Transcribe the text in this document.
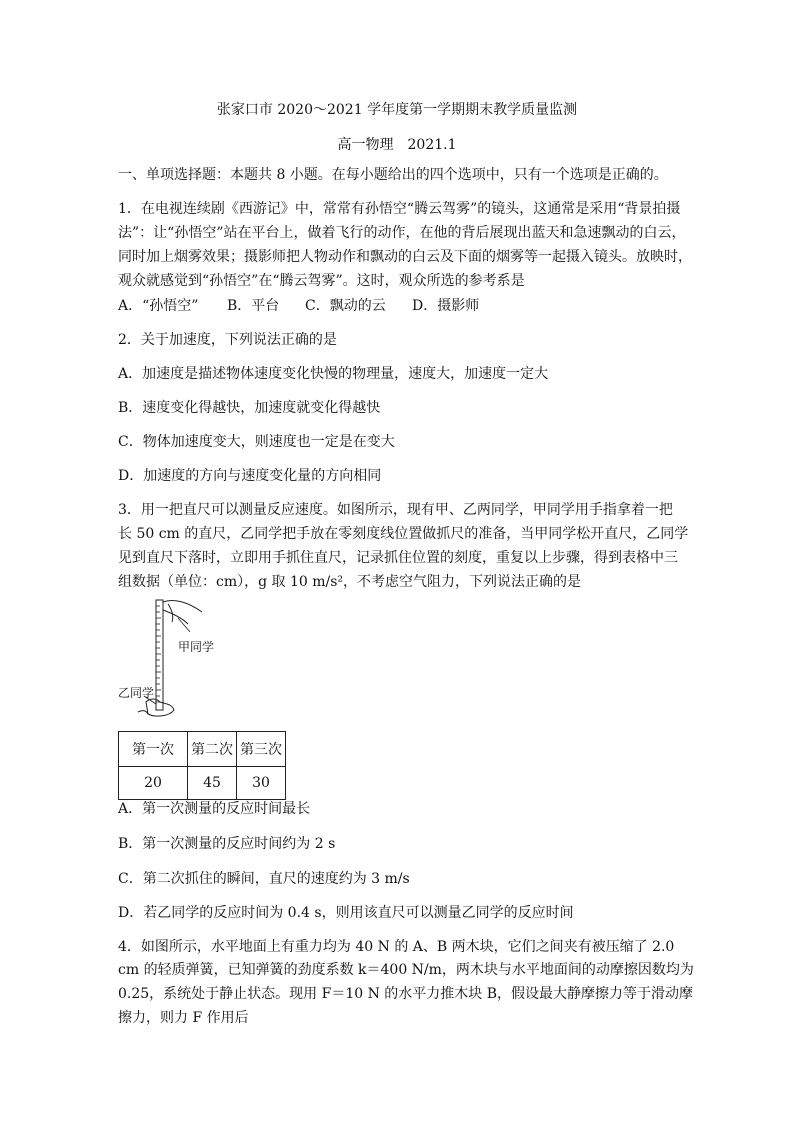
张家口市 2020～2021 学年度第一学期期末教学质量监测
高一物理　2021.1
一、单项选择题：本题共 8 小题。在每小题给出的四个选项中，只有一个选项是正确的。
1．在电视连续剧《西游记》中，常常有孙悟空“腾云驾雾”的镜头，这通常是采用“背景拍摄
法”：让“孙悟空”站在平台上，做着飞行的动作，在他的背后展现出蓝天和急速飘动的白云，
同时加上烟雾效果；摄影师把人物动作和飘动的白云及下面的烟雾等一起摄入镜头。放映时，
观众就感觉到“孙悟空”在“腾云驾雾”。这时，观众所选的参考系是
A．“孙悟空” B．平台 C．飘动的云 D．摄影师
2．关于加速度，下列说法正确的是
A．加速度是描述物体速度变化快慢的物理量，速度大，加速度一定大
B．速度变化得越快，加速度就变化得越快
C．物体加速度变大，则速度也一定是在变大
D．加速度的方向与速度变化量的方向相同
3．用一把直尺可以测量反应速度。如图所示，现有甲、乙两同学，甲同学用手指拿着一把
长 50 cm 的直尺，乙同学把手放在零刻度线位置做抓尺的准备，当甲同学松开直尺，乙同学
见到直尺下落时，立即用手抓住直尺，记录抓住位置的刻度，重复以上步骤，得到表格中三
组数据（单位：cm），g 取 10 m/s²，不考虑空气阻力，下列说法正确的是
甲同学
乙同学
第一次	第二次	第三次
20	45	30
A．第一次测量的反应时间最长
B．第一次测量的反应时间约为 2 s
C．第二次抓住的瞬间，直尺的速度约为 3 m/s
D．若乙同学的反应时间为 0.4 s，则用该直尺可以测量乙同学的反应时间
4．如图所示，水平地面上有重力均为 40 N 的 A、B 两木块，它们之间夹有被压缩了 2.0
cm 的轻质弹簧，已知弹簧的劲度系数 k＝400 N/m，两木块与水平地面间的动摩擦因数均为
0.25，系统处于静止状态。现用 F＝10 N 的水平力推木块 B，假设最大静摩擦力等于滑动摩
擦力，则力 F 作用后
